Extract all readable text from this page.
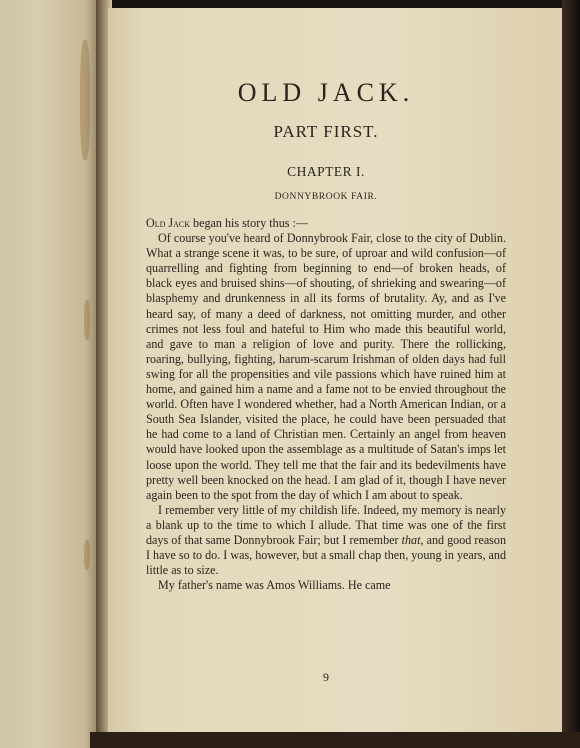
OLD JACK.
PART FIRST.
CHAPTER I.
DONNYBROOK FAIR.

Old Jack began his story thus :—

Of course you've heard of Donnybrook Fair, close to the city of Dublin. What a strange scene it was, to be sure, of uproar and wild confusion—of quarrelling and fighting from beginning to end—of broken heads, of black eyes and bruised shins—of shouting, of shrieking and swearing—of blasphemy and drunkenness in all its forms of brutality. Ay, and as I've heard say, of many a deed of darkness, not omitting murder, and other crimes not less foul and hateful to Him who made this beautiful world, and gave to man a religion of love and purity. There the rollicking, roaring, bullying, fighting, harum-scarum Irishman of olden days had full swing for all the propensities and vile passions which have ruined him at home, and gained him a name and a fame not to be envied throughout the world. Often have I wondered whether, had a North American Indian, or a South Sea Islander, visited the place, he could have been persuaded that he had come to a land of Christian men. Certainly an angel from heaven would have looked upon the assemblage as a multitude of Satan's imps let loose upon the world. They tell me that the fair and its bedevilments have pretty well been knocked on the head. I am glad of it, though I have never again been to the spot from the day of which I am about to speak.

I remember very little of my childish life. Indeed, my memory is nearly a blank up to the time to which I allude. That time was one of the first days of that same Donnybrook Fair; but I remember that, and good reason I have so to do. I was, however, but a small chap then, young in years, and little as to size.

My father's name was Amos Williams. He came

9
